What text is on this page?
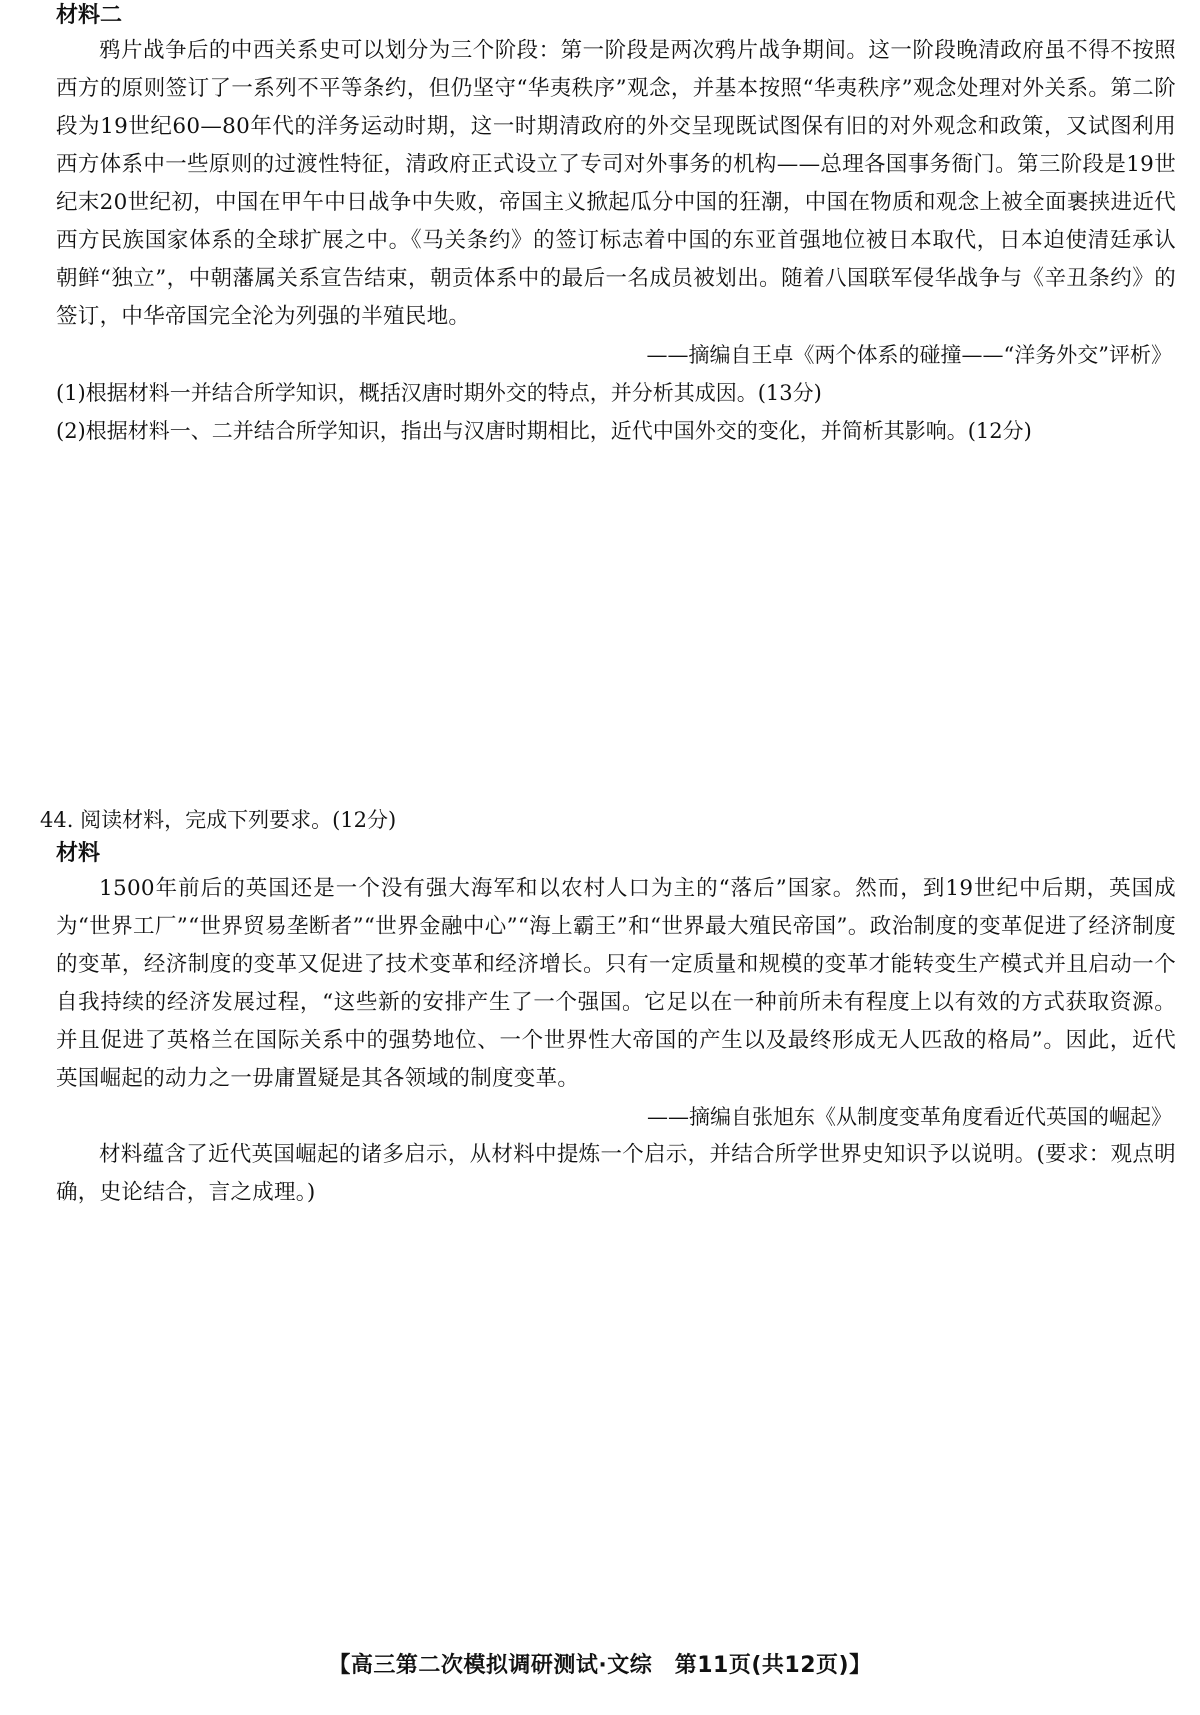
材料二

鸦片战争后的中西关系史可以划分为三个阶段：第一阶段是两次鸦片战争期间。这一阶段晚清政府虽不得不按照西方的原则签订了一系列不平等条约，但仍坚守“华夷秩序”观念，并基本按照“华夷秩序”观念处理对外关系。第二阶段为19世纪60—80年代的洋务运动时期，这一时期清政府的外交呈现既试图保有旧的对外观念和政策，又试图利用西方体系中一些原则的过渡性特征，清政府正式设立了专司对外事务的机构——总理各国事务衙门。第三阶段是19世纪末20世纪初，中国在甲午中日战争中失败，帝国主义掀起瓜分中国的狂潮，中国在物质和观念上被全面裹挟进近代西方民族国家体系的全球扩展之中。《马关条约》的签订标志着中国的东亚首强地位被日本取代，日本迫使清廷承认朝鲜“独立”，中朝藩属关系宣告结束，朝贡体系中的最后一名成员被划出。随着八国联军侵华战争与《辛丑条约》的签订，中华帝国完全沦为列强的半殖民地。

——摘编自王卓《两个体系的碰撞——“洋务外交”评析》

(1)根据材料一并结合所学知识，概括汉唐时期外交的特点，并分析其成因。(13分)

(2)根据材料一、二并结合所学知识，指出与汉唐时期相比，近代中国外交的变化，并简析其影响。(12分)

44. 阅读材料，完成下列要求。(12分)

材料

1500年前后的英国还是一个没有强大海军和以农村人口为主的“落后”国家。然而，到19世纪中后期，英国成为“世界工厂”“世界贸易垄断者”“世界金融中心”“海上霸王”和“世界最大殖民帝国”。政治制度的变革促进了经济制度的变革，经济制度的变革又促进了技术变革和经济增长。只有一定质量和规模的变革才能转变生产模式并且启动一个自我持续的经济发展过程，“这些新的安排产生了一个强国。它足以在一种前所未有程度上以有效的方式获取资源。并且促进了英格兰在国际关系中的强势地位、一个世界性大帝国的产生以及最终形成无人匹敌的格局”。因此，近代英国崛起的动力之一毋庸置疑是其各领域的制度变革。

——摘编自张旭东《从制度变革角度看近代英国的崛起》

材料蕴含了近代英国崛起的诸多启示，从材料中提炼一个启示，并结合所学世界史知识予以说明。(要求：观点明确，史论结合，言之成理。)

【高三第二次模拟调研测试·文综　第11页(共12页)】
